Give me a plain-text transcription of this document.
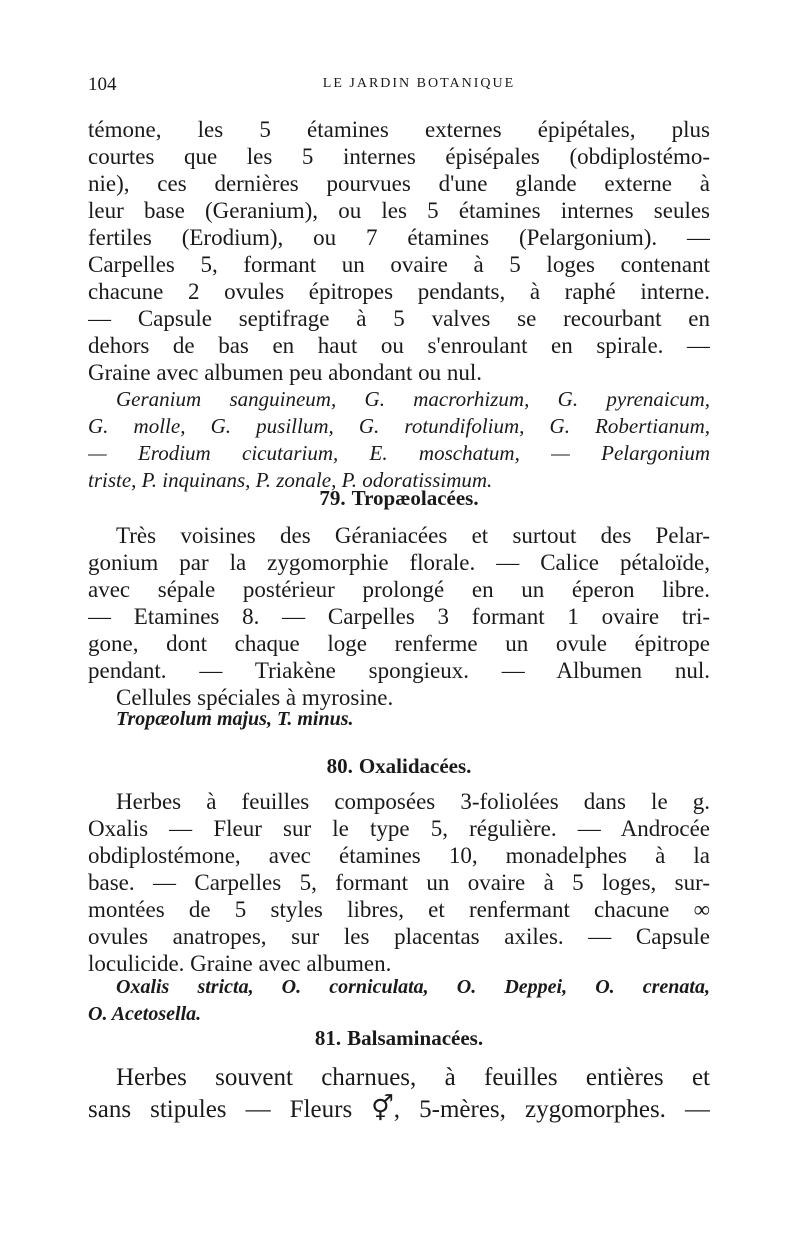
104	LE JARDIN BOTANIQUE
témone, les 5 étamines externes épipétales, plus
courtes que les 5 internes épisépales (obdiplostémo-
nie), ces dernières pourvues d'une glande externe à
leur base (Geranium), ou les 5 étamines internes seules
fertiles (Erodium), ou 7 étamines (Pelargonium). —
Carpelles 5, formant un ovaire à 5 loges contenant
chacune 2 ovules épitropes pendants, à raphé interne.
— Capsule septifrage à 5 valves se recourbant en
dehors de bas en haut ou s'enroulant en spirale. —
Graine avec albumen peu abondant ou nul.
Geranium sanguineum, G. macrorhizum, G. pyrenaicum,
G. molle, G. pusillum, G. rotundifolium, G. Robertianum,
— Erodium cicutarium, E. moschatum, — Pelargonium
triste, P. inquinans, P. zonale, P. odoratissimum.
79. Tropæolacées.
Très voisines des Géraniacées et surtout des Pelar-
gonium par la zygomorphie florale. — Calice pétaloïde,
avec sépale postérieur prolongé en un éperon libre.
— Etamines 8. — Carpelles 3 formant 1 ovaire tri-
gone, dont chaque loge renferme un ovule épitrope
pendant. — Triakène spongieux. — Albumen nul.
Cellules spéciales à myrosine.
Tropæolum majus, T. minus.
80. Oxalidacées.
Herbes à feuilles composées 3-foliolées dans le g.
Oxalis — Fleur sur le type 5, régulière. — Androcée
obdiplostémone, avec étamines 10, monadelphes à la
base. — Carpelles 5, formant un ovaire à 5 loges, sur-
montées de 5 styles libres, et renfermant chacune ∞
ovules anatropes, sur les placentas axiles. — Capsule
loculicide. Graine avec albumen.
Oxalis stricta, O. corniculata, O. Deppei, O. crenata,
O. Acetosella.
81. Balsaminacées.
Herbes souvent charnues, à feuilles entières et
sans stipules — Fleurs ⚥, 5-mères, zygomorphes. —
